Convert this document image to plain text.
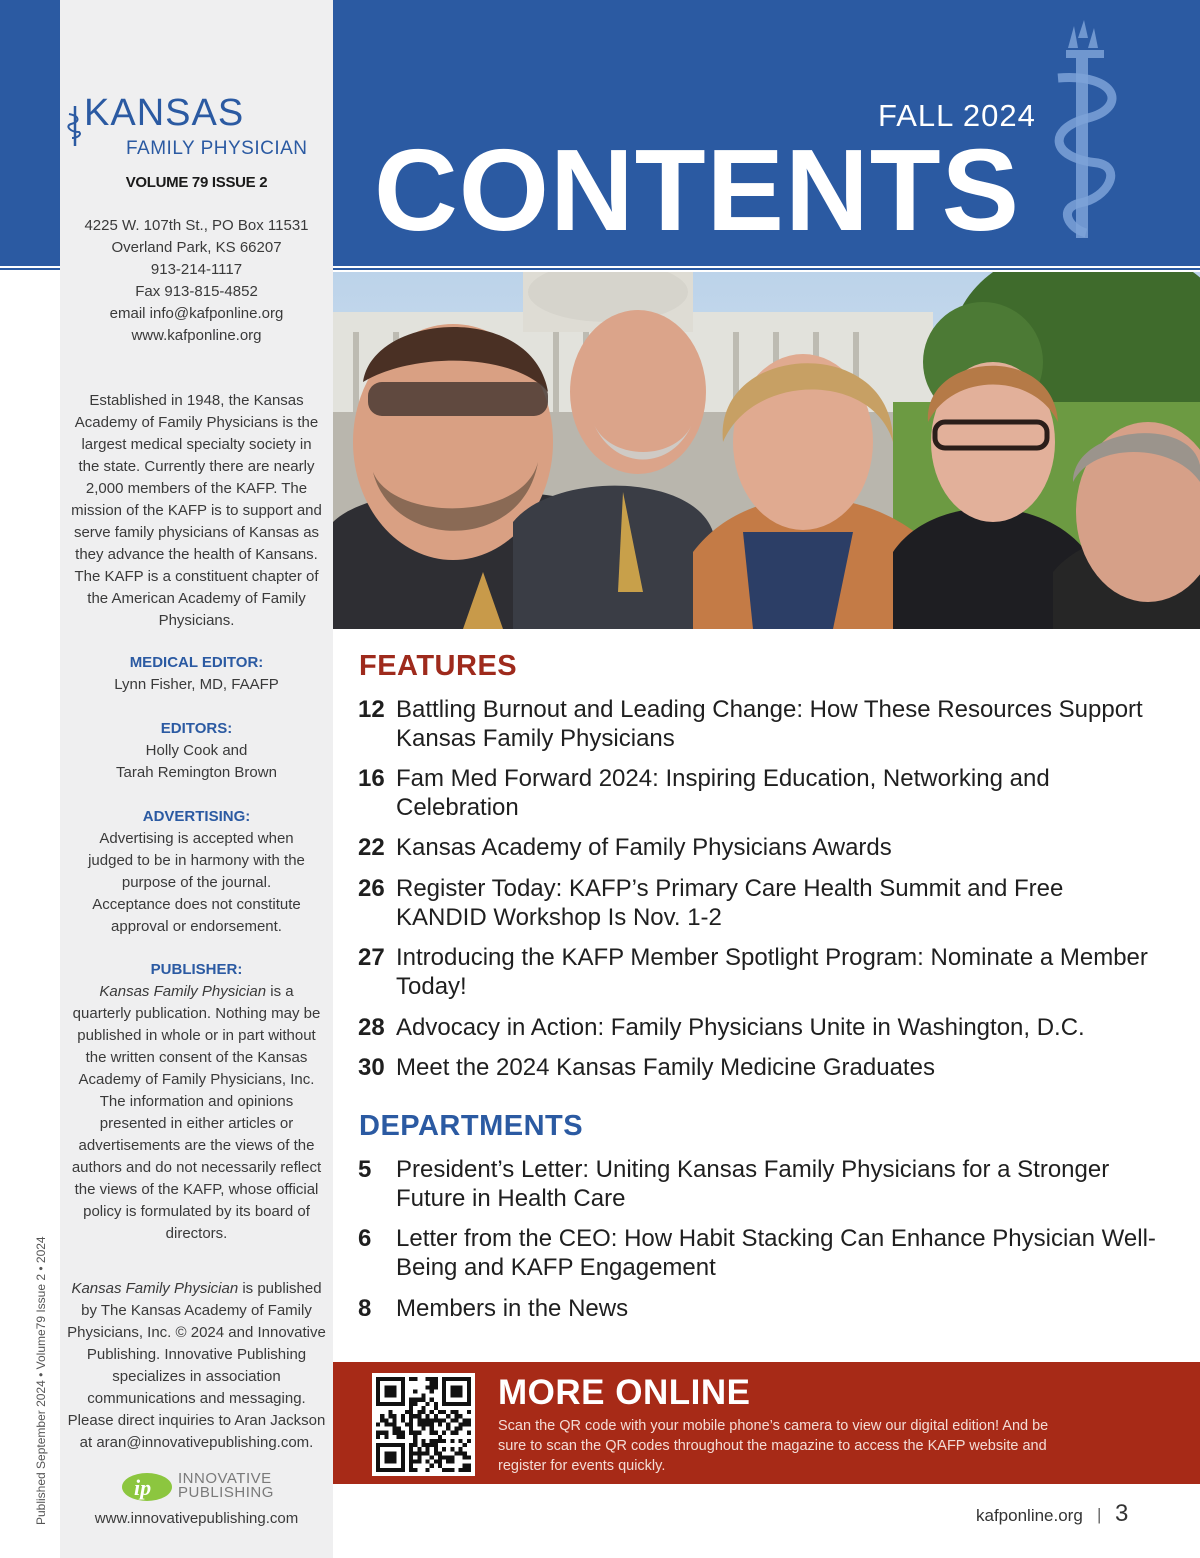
KANSAS
FAMILY PHYSICIAN
VOLUME 79 ISSUE 2
4225 W. 107th St., PO Box 11531
Overland Park, KS 66207
913-214-1117
Fax 913-815-4852
email info@kafponline.org
www.kafponline.org
Established in 1948, the Kansas Academy of Family Physicians is the largest medical specialty society in the state. Currently there are nearly 2,000 members of the KAFP. The mission of the KAFP is to support and serve family physicians of Kansas as they advance the health of Kansans. The KAFP is a constituent chapter of the American Academy of Family Physicians.
MEDICAL EDITOR:
Lynn Fisher, MD, FAAFP
EDITORS:
Holly Cook and
Tarah Remington Brown
ADVERTISING:
Advertising is accepted when judged to be in harmony with the purpose of the journal. Acceptance does not constitute approval or endorsement.
PUBLISHER:
Kansas Family Physician is a quarterly publication. Nothing may be published in whole or in part without the written consent of the Kansas Academy of Family Physicians, Inc. The information and opinions presented in either articles or advertisements are the views of the authors and do not necessarily reflect the views of the KAFP, whose official policy is formulated by its board of directors.
Kansas Family Physician is published by The Kansas Academy of Family Physicians, Inc. © 2024 and Innovative Publishing. Innovative Publishing specializes in association communications and messaging. Please direct inquiries to Aran Jackson at aran@innovativepublishing.com.
ip INNOVATIVE
PUBLISHING
www.innovativepublishing.com
Published September 2024 • Volume79 Issue 2 • 2024
FALL 2024
CONTENTS
FEATURES
12 Battling Burnout and Leading Change: How These Resources Support Kansas Family Physicians
16 Fam Med Forward 2024: Inspiring Education, Networking and Celebration
22 Kansas Academy of Family Physicians Awards
26 Register Today: KAFP’s Primary Care Health Summit and Free KANDID Workshop Is Nov. 1-2
27 Introducing the KAFP Member Spotlight Program: Nominate a Member Today!
28 Advocacy in Action: Family Physicians Unite in Washington, D.C.
30 Meet the 2024 Kansas Family Medicine Graduates
DEPARTMENTS
5	President’s Letter: Uniting Kansas Family Physicians for a Stronger Future in Health Care
6	Letter from the CEO: How Habit Stacking Can Enhance Physician Well-Being and KAFP Engagement
8	Members in the News
MORE ONLINE
Scan the QR code with your mobile phone’s camera to view our digital edition! And be sure to scan the QR codes throughout the magazine to access the KAFP website and register for events quickly.
kafponline.org | 3
